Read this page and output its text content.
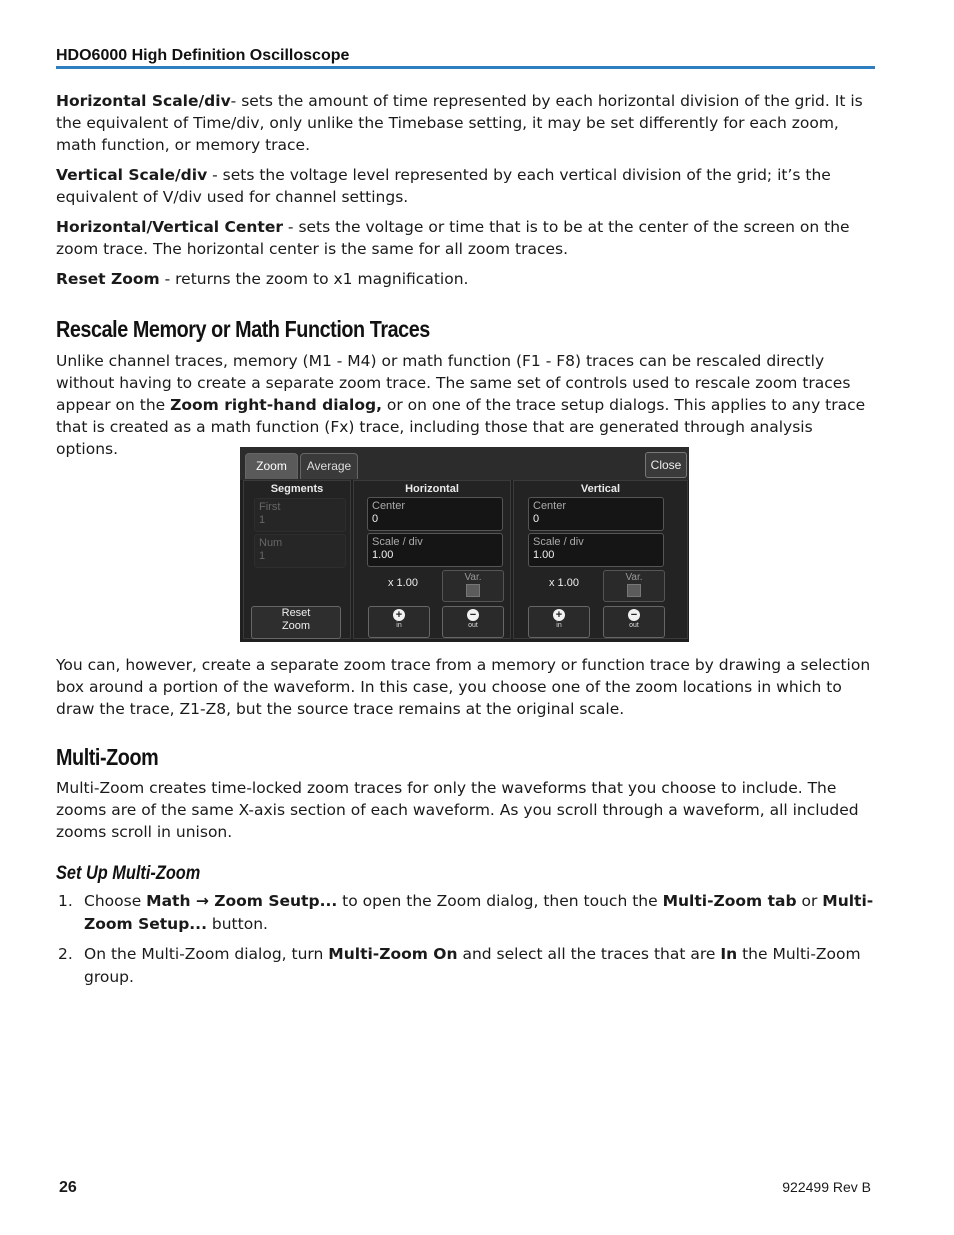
HDO6000 High Definition Oscilloscope

Horizontal Scale/div- sets the amount of time represented by each horizontal division of the grid. It is the equivalent of Time/div, only unlike the Timebase setting, it may be set differently for each zoom, math function, or memory trace.

Vertical Scale/div - sets the voltage level represented by each vertical division of the grid; it’s the equivalent of V/div used for channel settings.

Horizontal/Vertical Center - sets the voltage or time that is to be at the center of the screen on the zoom trace. The horizontal center is the same for all zoom traces.

Reset Zoom - returns the zoom to x1 magnification.

Rescale Memory or Math Function Traces

Unlike channel traces, memory (M1 - M4) or math function (F1 - F8) traces can be rescaled directly without having to create a separate zoom trace. The same set of controls used to rescale zoom traces appear on the Zoom right-hand dialog, or on one of the trace setup dialogs. This applies to any trace that is created as a math function (Fx) trace, including those that are generated through analysis options.

Zoom	Average	Close
Segments
First
1
Num
1
Reset
Zoom
Horizontal
Center
0
Scale / div
1.00
x 1.00	Var.
+
in
−
out
Vertical
Center
0
Scale / div
1.00
x 1.00	Var.
+
in
−
out

You can, however, create a separate zoom trace from a memory or function trace by drawing a selection box around a portion of the waveform. In this case, you choose one of the zoom locations in which to draw the trace, Z1-Z8, but the source trace remains at the original scale.

Multi-Zoom

Multi-Zoom creates time-locked zoom traces for only the waveforms that you choose to include. The zooms are of the same X-axis section of each waveform. As you scroll through a waveform, all included zooms scroll in unison.

Set Up Multi-Zoom
1. Choose Math → Zoom Seutp... to open the Zoom dialog, then touch the Multi-Zoom tab or Multi-Zoom Setup... button.
2. On the Multi-Zoom dialog, turn Multi-Zoom On and select all the traces that are In the Multi-Zoom group.
26	922499 Rev B
